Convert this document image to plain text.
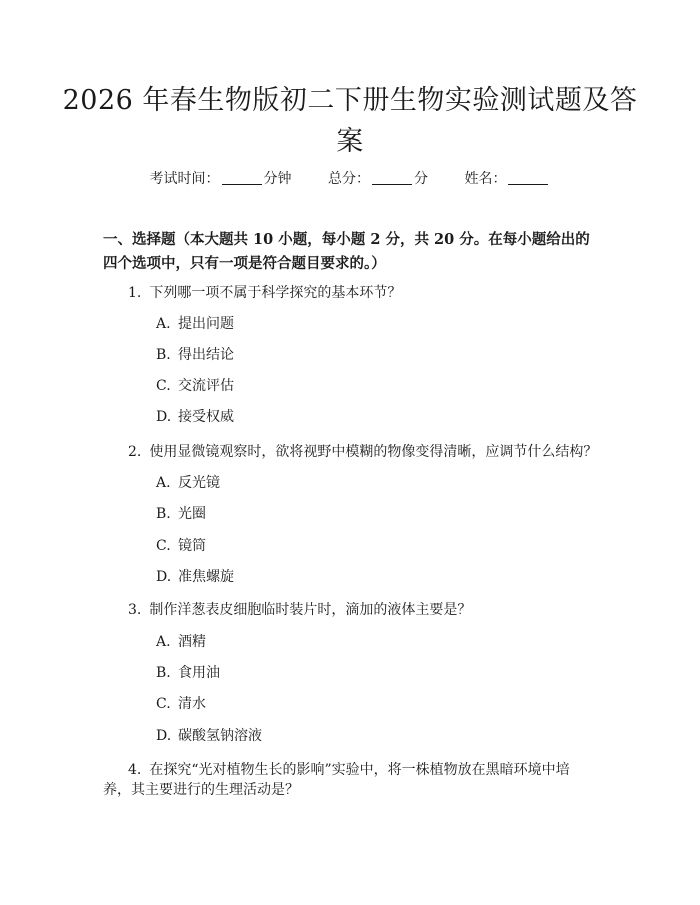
2026 年春生物版初二下册生物实验测试题及答案
考试时间：	分钟	总分：	分	姓名：

一、选择题（本大题共 10 小题，每小题 2 分，共 20 分。在每小题给出的四个选项中，只有一项是符合题目要求的。）

1. 下列哪一项不属于科学探究的基本环节？

A. 提出问题
B. 得出结论
C. 交流评估
D. 接受权威

2. 使用显微镜观察时，欲将视野中模糊的物像变得清晰，应调节什么结构？

A. 反光镜
B. 光圈
C. 镜筒
D. 准焦螺旋

3. 制作洋葱表皮细胞临时装片时，滴加的液体主要是？

A. 酒精
B. 食用油
C. 清水
D. 碳酸氢钠溶液

4. 在探究“光对植物生长的影响”实验中，将一株植物放在黑暗环境中培

养，其主要进行的生理活动是？
